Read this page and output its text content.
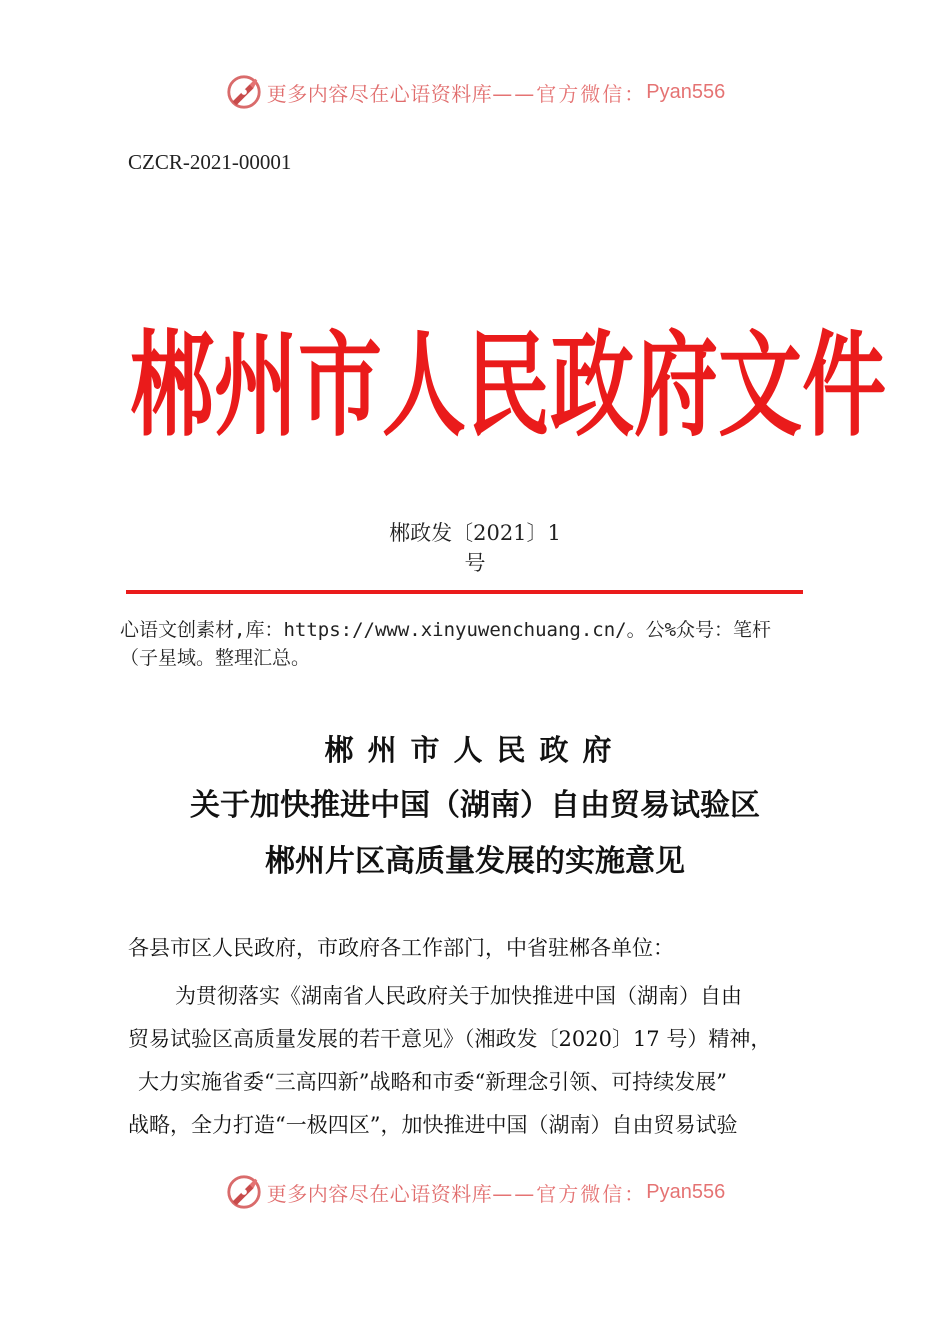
更多内容尽在心语资料库 ——官方微信： Pyan556
CZCR-2021-00001
郴 州 市 人 民 政 府 文 件
郴政发〔2021〕1
号
心语文创素材,库：https://www.xinyuwenchuang.cn/。公%众号：笔杆
（子星域。整理汇总。
郴州市人民政府
关于加快推进中国（湖南）自由贸易试验区
郴州片区高质量发展的实施意见
各县市区人民政府，市政府各工作部门，中省驻郴各单位：
为贯彻落实《湖南省人民政府关于加快推进中国（湖南）自由
贸易试验区高质量发展的若干意见》（湘政发〔2020〕17 号）精神，
大力实施省委“三高四新”战略和市委“新理念引领、可持续发展”
战略，全力打造“一极四区”，加快推进中国（湖南）自由贸易试验
更多内容尽在心语资料库 ——官方微信： Pyan556
